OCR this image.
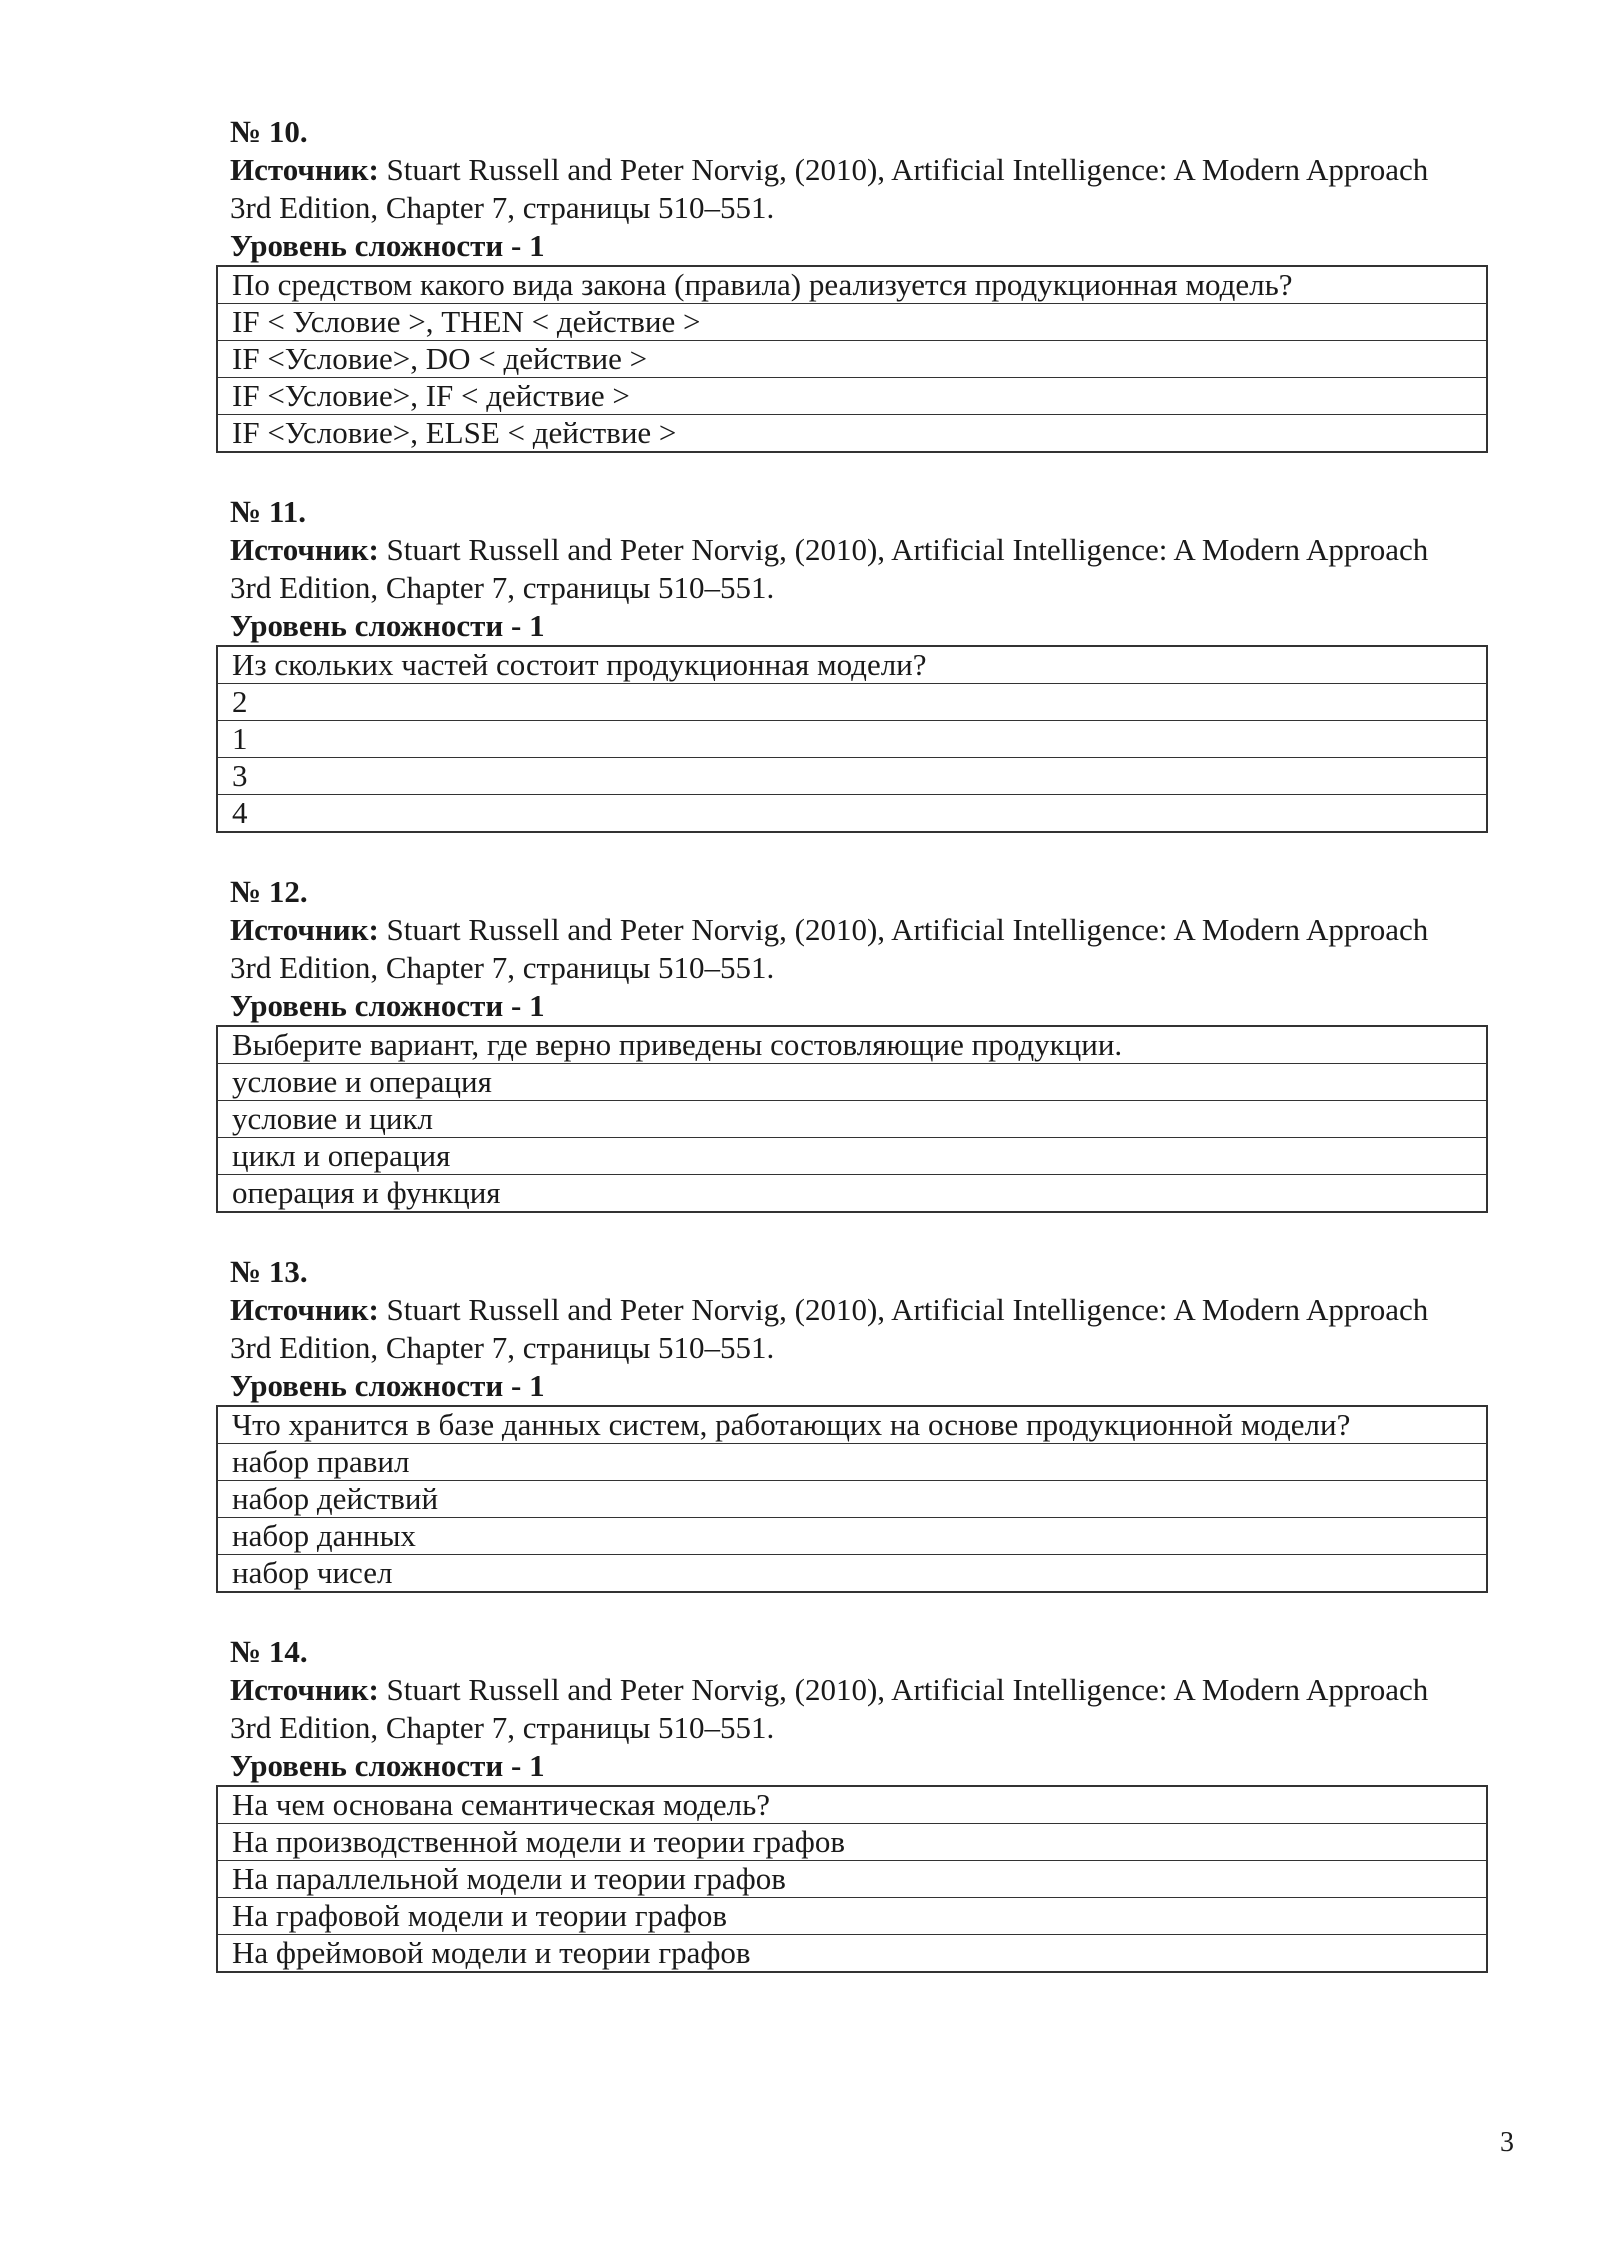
№ 10.
Источник: Stuart Russell and Peter Norvig, (2010), Artificial Intelligence: A Modern Approach
3rd Edition, Chapter 7, страницы 510–551.
Уровень сложности - 1
По средством какого вида закона (правила) реализуется продукционная модель?
IF < Условие >, THEN < действие >
IF <Условие>, DO < действие >
IF <Условие>, IF < действие >
IF <Условие>, ELSE < действие >
№ 11.
Источник: Stuart Russell and Peter Norvig, (2010), Artificial Intelligence: A Modern Approach
3rd Edition, Chapter 7, страницы 510–551.
Уровень сложности - 1
Из скольких частей состоит продукционная модели?
2
1
3
4
№ 12.
Источник: Stuart Russell and Peter Norvig, (2010), Artificial Intelligence: A Modern Approach
3rd Edition, Chapter 7, страницы 510–551.
Уровень сложности - 1
Выберите вариант, где верно приведены состовляющие продукции.
условие и операция
условие и цикл
цикл и операция
операция и функция
№ 13.
Источник: Stuart Russell and Peter Norvig, (2010), Artificial Intelligence: A Modern Approach
3rd Edition, Chapter 7, страницы 510–551.
Уровень сложности - 1
Что хранится в базе данных систем, работающих на основе продукционной модели?
набор правил
набор действий
набор данных
набор чисел
№ 14.
Источник: Stuart Russell and Peter Norvig, (2010), Artificial Intelligence: A Modern Approach
3rd Edition, Chapter 7, страницы 510–551.
Уровень сложности - 1
На чем основана семантическая модель?
На производственной модели и теории графов
На параллельной модели и теории графов
На графовой модели и теории графов
На фреймовой модели и теории графов
3
